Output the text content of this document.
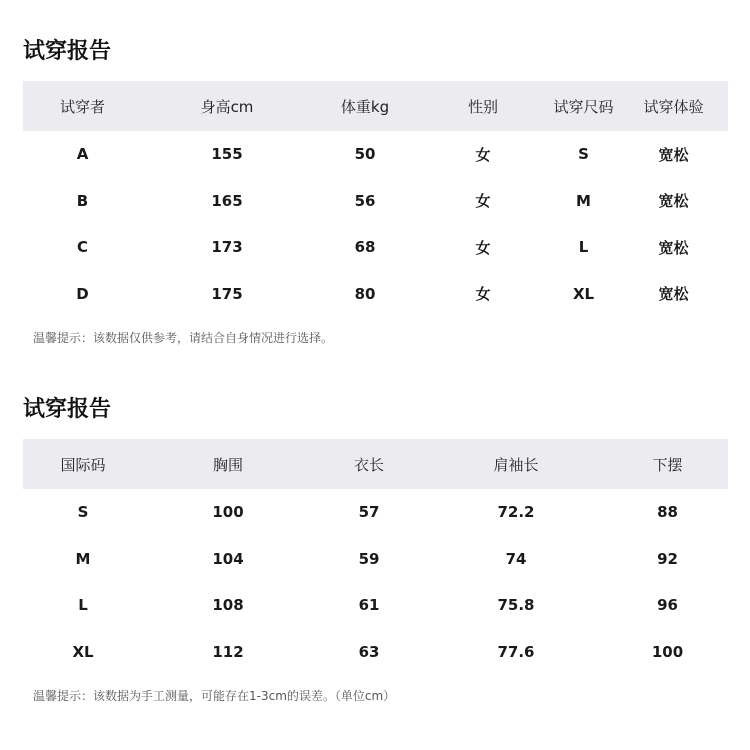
试穿报告
试穿者	身高cm	体重kg	性别	试穿尺码	试穿体验
A	155	50	女	S	宽松
B	165	56	女	M	宽松
C	173	68	女	L	宽松
D	175	80	女	XL	宽松

温馨提示：该数据仅供参考，请结合自身情况进行选择。

试穿报告
国际码	胸围	衣长	肩袖长	下摆
S	100	57	72.2	88
M	104	59	74	92
L	108	61	75.8	96
XL	112	63	77.6	100

温馨提示：该数据为手工测量，可能存在1-3cm的误差。（单位cm）
